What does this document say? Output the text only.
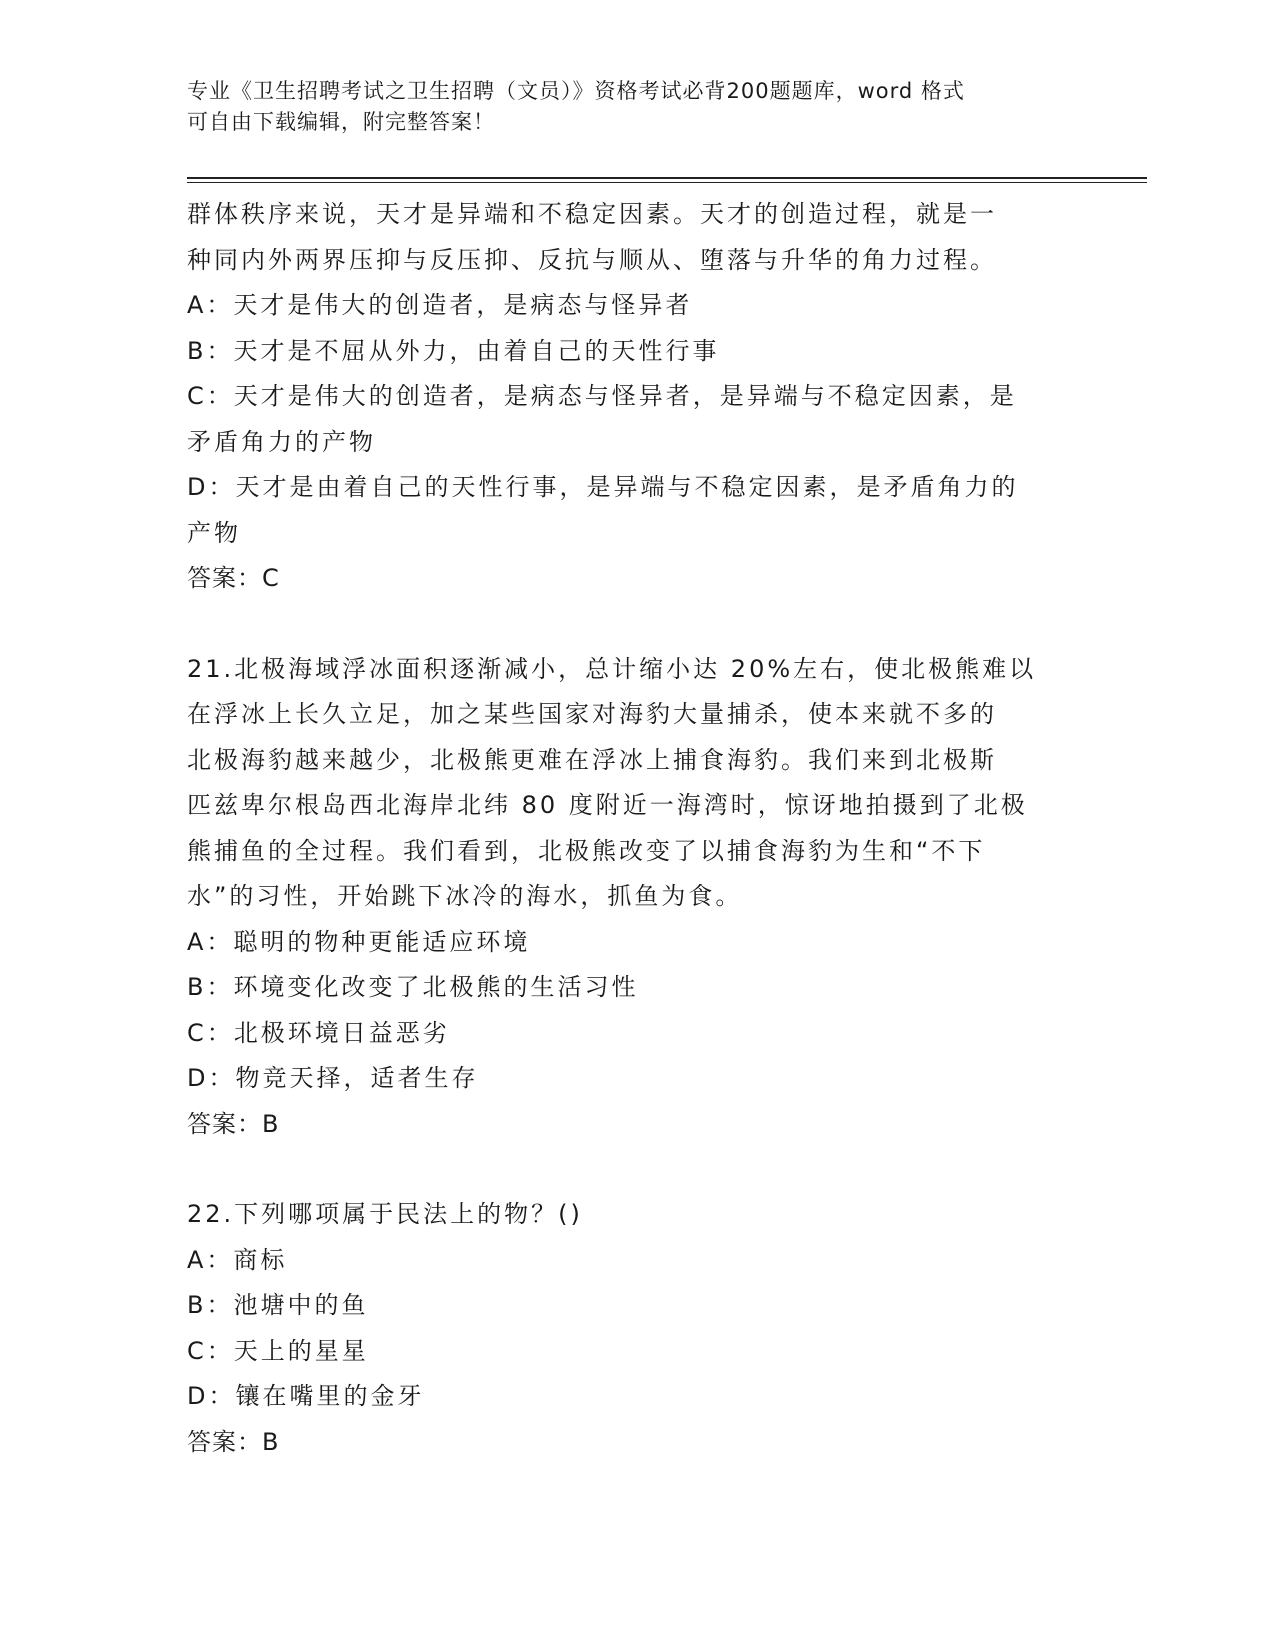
专业《卫生招聘考试之卫生招聘（文员）》资格考试必背200题题库，word 格式
可自由下载编辑，附完整答案！
群体秩序来说，天才是异端和不稳定因素。天才的创造过程，就是一
种同内外两界压抑与反压抑、反抗与顺从、堕落与升华的角力过程。
A：天才是伟大的创造者，是病态与怪异者
B：天才是不屈从外力，由着自己的天性行事
C：天才是伟大的创造者，是病态与怪异者，是异端与不稳定因素，是
矛盾角力的产物
D：天才是由着自己的天性行事，是异端与不稳定因素，是矛盾角力的
产物
答案：C
21.北极海域浮冰面积逐渐减小，总计缩小达 20%左右，使北极熊难以
在浮冰上长久立足，加之某些国家对海豹大量捕杀，使本来就不多的
北极海豹越来越少，北极熊更难在浮冰上捕食海豹。我们来到北极斯
匹兹卑尔根岛西北海岸北纬 80 度附近一海湾时，惊讶地拍摄到了北极
熊捕鱼的全过程。我们看到，北极熊改变了以捕食海豹为生和“不下
水”的习性，开始跳下冰冷的海水，抓鱼为食。
A：聪明的物种更能适应环境
B：环境变化改变了北极熊的生活习性
C：北极环境日益恶劣
D：物竞天择，适者生存
答案：B
22.下列哪项属于民法上的物？()
A：商标
B：池塘中的鱼
C：天上的星星
D：镶在嘴里的金牙
答案：B
